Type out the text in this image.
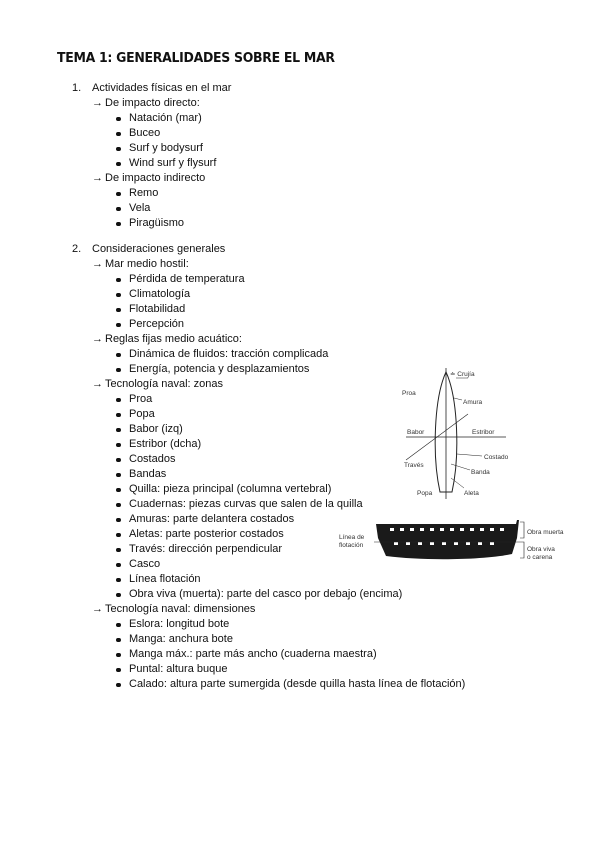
TEMA 1: GENERALIDADES SOBRE EL MAR
1. Actividades físicas en el mar
→ De impacto directo:
Natación (mar)
Buceo
Surf y bodysurf
Wind surf y flysurf
→ De impacto indirecto
Remo
Vela
Piragüismo
2. Consideraciones generales
→ Mar medio hostil:
Pérdida de temperatura
Climatología
Flotabilidad
Percepción
→ Reglas fijas medio acuático:
Dinámica de fluidos: tracción complicada
Energía, potencia y desplazamientos
→ Tecnología naval: zonas
Proa
Popa
Babor (izq)
Estribor (dcha)
Costados
Bandas
Quilla: pieza principal (columna vertebral)
Cuadernas: piezas curvas que salen de la quilla
Amuras: parte delantera costados
Aletas: parte posterior costados
Través: dirección perpendicular
Casco
Línea flotación
Obra viva (muerta): parte del casco por debajo (encima)
→ Tecnología naval: dimensiones
Eslora: longitud bote
Manga: anchura bote
Manga máx.: parte más ancho (cuaderna maestra)
Puntal: altura buque
Calado: altura parte sumergida (desde quilla hasta línea de flotación)
≐ Crujía
Proa
Amura
Babor	Estribor
Través
Costado
Banda
Popa	Aleta
Línea de
flotación
Obra muerta
Obra viva
o carena
